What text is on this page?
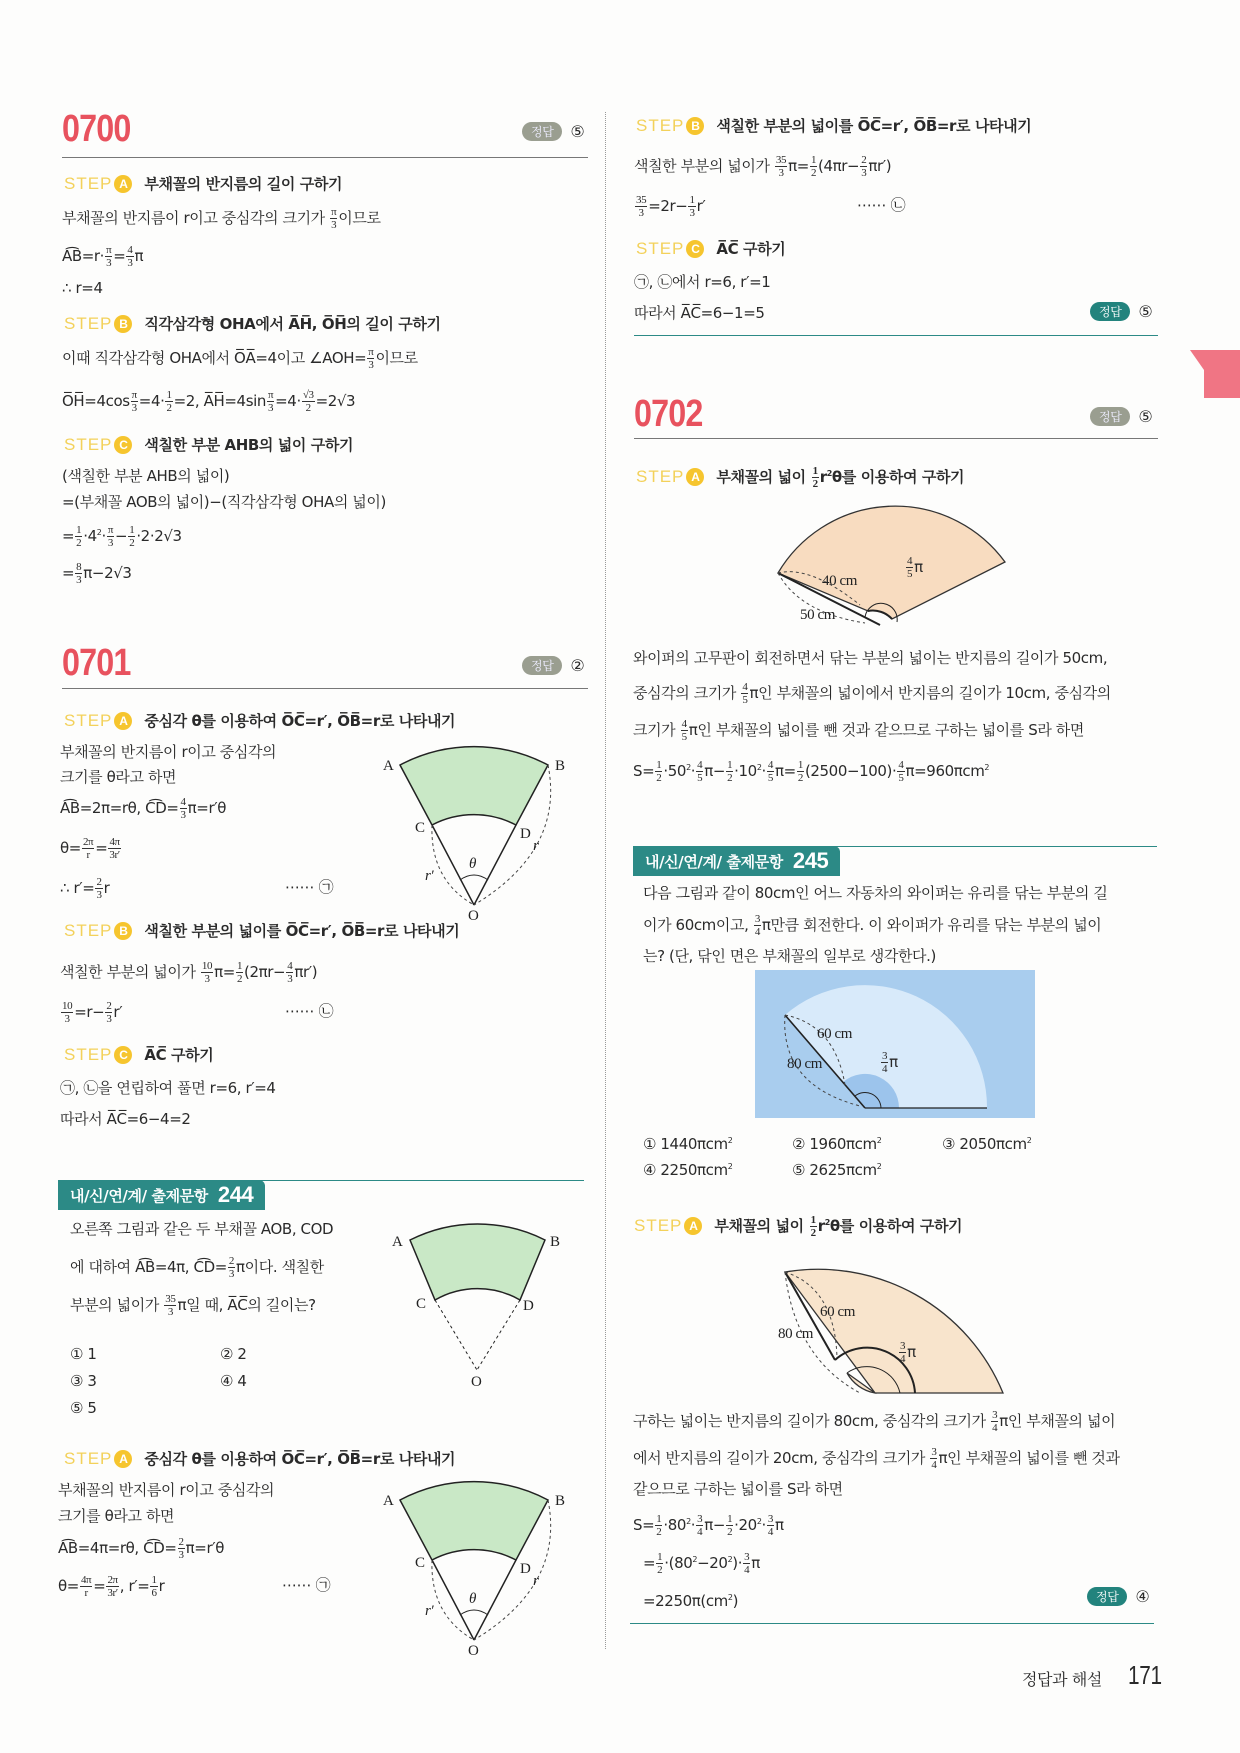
0700	정답	⑤
STEP A	부채꼴의 반지름의 길이 구하기
부채꼴의 반지름이 r이고 중심각의 크기가 $\frac{\pi}{3}$ 이므로
A͡B=r· $\frac{\pi}{3} = \frac{4}{3}$ π
∴ r=4
STEP B	직각삼각형 OHA에서 A̅H̅, O̅H̅의 길이 구하기
이때 직각삼각형 OHA에서 O̅A̅=4이고 ∠AOH= $\frac{\pi}{3}$ 이므로
O̅H̅=4cos $\frac{\pi}{3} =4\cdot \frac{1}{2} =2$, A̅H̅=4sin $\frac{\pi}{3} =4\cdot \frac{√3}{2} =2√3$
STEP C	색칠한 부분 AHB의 넓이 구하기
(색칠한 부분 AHB의 넓이)
=(부채꼴 AOB의 넓이)−(직각삼각형 OHA의 넓이)
= $\frac{1}{2} \cdot 4^2\cdot \frac{\pi}{3} - \frac{1}{2} \cdot 2\cdot 2√3$
= $\frac{8}{3} \pi-2√3$
0701	정답	②
STEP A	중심각 θ를 이용하여 O̅C̅=r′, O̅B̅=r로 나타내기
부채꼴의 반지름이 r이고 중심각의
크기를 θ라고 하면
A͡B=2π=rθ, C͡D= $\frac{4}{3} \pi=r'\theta$
$\theta= \frac{2\pi}{r} = \frac{4\pi}{3r'}$
∴ $r'= \frac{2}{3}$ r	⋯⋯ ㉠
A	B
C	D
O
θ
r
r′
STEP B	색칠한 부분의 넓이를 O̅C̅=r′, O̅B̅=r로 나타내기
색칠한 부분의 넓이가 $\frac{10}{3} \pi= \frac{1}{2} (2\pi r- \frac{4}{3} \pi r')$
$\frac{10}{3} =r- \frac{2}{3} r'$	⋯⋯ ㉡
STEP C	A̅C̅ 구하기
㉠, ㉡을 연립하여 풀면 r=6, r′=4
따라서 A̅C̅=6−4=2
내/신/연/계/ 출제문항 244
오른쪽 그림과 같은 두 부채꼴 AOB, COD
에 대하여 A͡B=4π, C͡D= $\frac{2}{3}$ π이다. 색칠한
부분의 넓이가 $\frac{35}{3}$ π일 때, A̅C̅의 길이는?
① 1	② 2
③ 3	④ 4
⑤ 5
A	B
C	D
O
STEP A	중심각 θ를 이용하여 O̅C̅=r′, O̅B̅=r로 나타내기
부채꼴의 반지름이 r이고 중심각의
크기를 θ라고 하면
A͡B=4π=rθ, C͡D= $\frac{2}{3} \pi=r'\theta$
$\theta= \frac{4\pi}{r} = \frac{2\pi}{3r'}$ , $r'= \frac{1}{6}$ r	⋯⋯ ㉠
A	B
C	D
O
θ
r
r′
STEP B	색칠한 부분의 넓이를 O̅C̅=r′, O̅B̅=r로 나타내기
색칠한 부분의 넓이가 $\frac{35}{3} \pi= \frac{1}{2} (4\pi r- \frac{2}{3} \pi r')$
$\frac{35}{3} =2r- \frac{1}{3} r'$	⋯⋯ ㉡
STEP C	A̅C̅ 구하기
㉠, ㉡에서 r=6, r′=1
따라서 A̅C̅=6−1=5	정답	⑤
0702	정답	⑤
STEP A	부채꼴의 넓이 $\frac{1}{2} r^2\theta$를 이용하여 구하기
40 cm
50 cm
$\frac{4}{5}$ π
와이퍼의 고무판이 회전하면서 닦는 부분의 넓이는 반지름의 길이가 50cm,
중심각의 크기가 $\frac{4}{5}$ π인 부채꼴의 넓이에서 반지름의 길이가 10cm, 중심각의
크기가 $\frac{4}{5}$ π인 부채꼴의 넓이를 뺀 것과 같으므로 구하는 넓이를 S라 하면
$S= \frac{1}{2} \cdot 50^2\cdot \frac{4}{5} \pi- \frac{1}{2} \cdot 10^2\cdot \frac{4}{5} \pi= \frac{1}{2} (2500-100)\cdot \frac{4}{5} \pi=960\pi cm^2$
내/신/연/계/ 출제문항 245
다음 그림과 같이 80cm인 어느 자동차의 와이퍼는 유리를 닦는 부분의 길
이가 60cm이고, $\frac{3}{4}$ π만큼 회전한다. 이 와이퍼가 유리를 닦는 부분의 넓이
는? (단, 닦인 면은 부채꼴의 일부로 생각한다.)
60 cm
80 cm	$\frac{3}{4}$ π
① 1440πcm$^2$	② 1960πcm$^2$	③ 2050πcm$^2$
④ 2250πcm$^2$	⑤ 2625πcm$^2$
STEP A	부채꼴의 넓이 $\frac{1}{2} r^2\theta$를 이용하여 구하기
60 cm
80 cm
$\frac{3}{4}$ π
구하는 넓이는 반지름의 길이가 80cm, 중심각의 크기가 $\frac{3}{4}$ π인 부채꼴의 넓이
에서 반지름의 길이가 20cm, 중심각의 크기가 $\frac{3}{4}$ π인 부채꼴의 넓이를 뺀 것과
같으므로 구하는 넓이를 S라 하면
$S= \frac{1}{2} \cdot 80^2\cdot \frac{3}{4} \pi- \frac{1}{2} \cdot 20^2\cdot \frac{3}{4}$ π
= $\frac{1}{2} \cdot(80^2-20^2)\cdot \frac{3}{4}$ π
$=2250\pi(cm^2)$	정답	④
정답과 해설 171
